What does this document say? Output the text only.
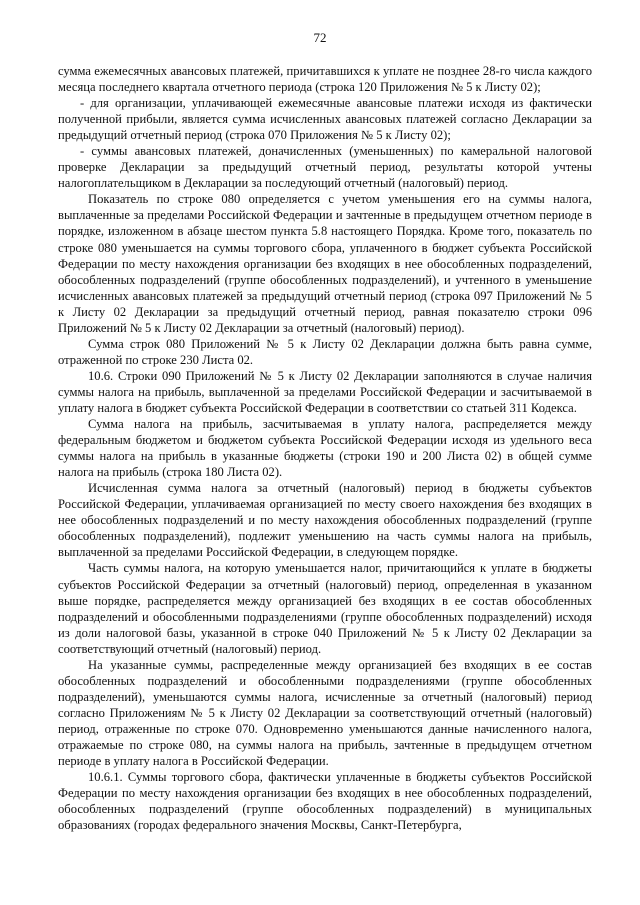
72

сумма ежемесячных авансовых платежей, причитавшихся к уплате не позднее 28-го числа каждого месяца последнего квартала отчетного периода (строка 120 Приложения № 5 к Листу 02);

- для организации, уплачивающей ежемесячные авансовые платежи исходя из фактически полученной прибыли, является сумма исчисленных авансовых платежей согласно Декларации за предыдущий отчетный период (строка 070 Приложения № 5 к Листу 02);

- суммы авансовых платежей, доначисленных (уменьшенных) по камеральной налоговой проверке Декларации за предыдущий отчетный период, результаты которой учтены налогоплательщиком в Декларации за последующий отчетный (налоговый) период.

Показатель по строке 080 определяется с учетом уменьшения его на суммы налога, выплаченные за пределами Российской Федерации и зачтенные в предыдущем отчетном периоде в порядке, изложенном в абзаце шестом пункта 5.8 настоящего Порядка. Кроме того, показатель по строке 080 уменьшается на суммы торгового сбора, уплаченного в бюджет субъекта Российской Федерации по месту нахождения организации без входящих в нее обособленных подразделений, обособленных подразделений (группе обособленных подразделений), и учтенного в уменьшение исчисленных авансовых платежей за предыдущий отчетный период (строка 097 Приложений № 5 к Листу 02 Декларации за предыдущий отчетный период, равная показателю строки 096 Приложений № 5 к Листу 02 Декларации за отчетный (налоговый) период).

Сумма строк 080 Приложений № 5 к Листу 02 Декларации должна быть равна сумме, отраженной по строке 230 Листа 02.

10.6. Строки 090 Приложений № 5 к Листу 02 Декларации заполняются в случае наличия суммы налога на прибыль, выплаченной за пределами Российской Федерации и засчитываемой в уплату налога в бюджет субъекта Российской Федерации в соответствии со статьей 311 Кодекса.

Сумма налога на прибыль, засчитываемая в уплату налога, распределяется между федеральным бюджетом и бюджетом субъекта Российской Федерации исходя из удельного веса суммы налога на прибыль в указанные бюджеты (строки 190 и 200 Листа 02) в общей сумме налога на прибыль (строка 180 Листа 02).

Исчисленная сумма налога за отчетный (налоговый) период в бюджеты субъектов Российской Федерации, уплачиваемая организацией по месту своего нахождения без входящих в нее обособленных подразделений и по месту нахождения обособленных подразделений (группе обособленных подразделений), подлежит уменьшению на часть суммы налога на прибыль, выплаченной за пределами Российской Федерации, в следующем порядке.

Часть суммы налога, на которую уменьшается налог, причитающийся к уплате в бюджеты субъектов Российской Федерации за отчетный (налоговый) период, определенная в указанном выше порядке, распределяется между организацией без входящих в ее состав обособленных подразделений и обособленными подразделениями (группе обособленных подразделений) исходя из доли налоговой базы, указанной в строке 040 Приложений № 5 к Листу 02 Декларации за соответствующий отчетный (налоговый) период.

На указанные суммы, распределенные между организацией без входящих в ее состав обособленных подразделений и обособленными подразделениями (группе обособленных подразделений), уменьшаются суммы налога, исчисленные за отчетный (налоговый) период согласно Приложениям № 5 к Листу 02 Декларации за соответствующий отчетный (налоговый) период, отраженные по строке 070. Одновременно уменьшаются данные начисленного налога, отражаемые по строке 080, на суммы налога на прибыль, зачтенные в предыдущем отчетном периоде в уплату налога в Российской Федерации.

10.6.1. Суммы торгового сбора, фактически уплаченные в бюджеты субъектов Российской Федерации по месту нахождения организации без входящих в нее обособленных подразделений, обособленных подразделений (группе обособленных подразделений) в муниципальных образованиях (городах федерального значения Москвы, Санкт-Петербурга,
